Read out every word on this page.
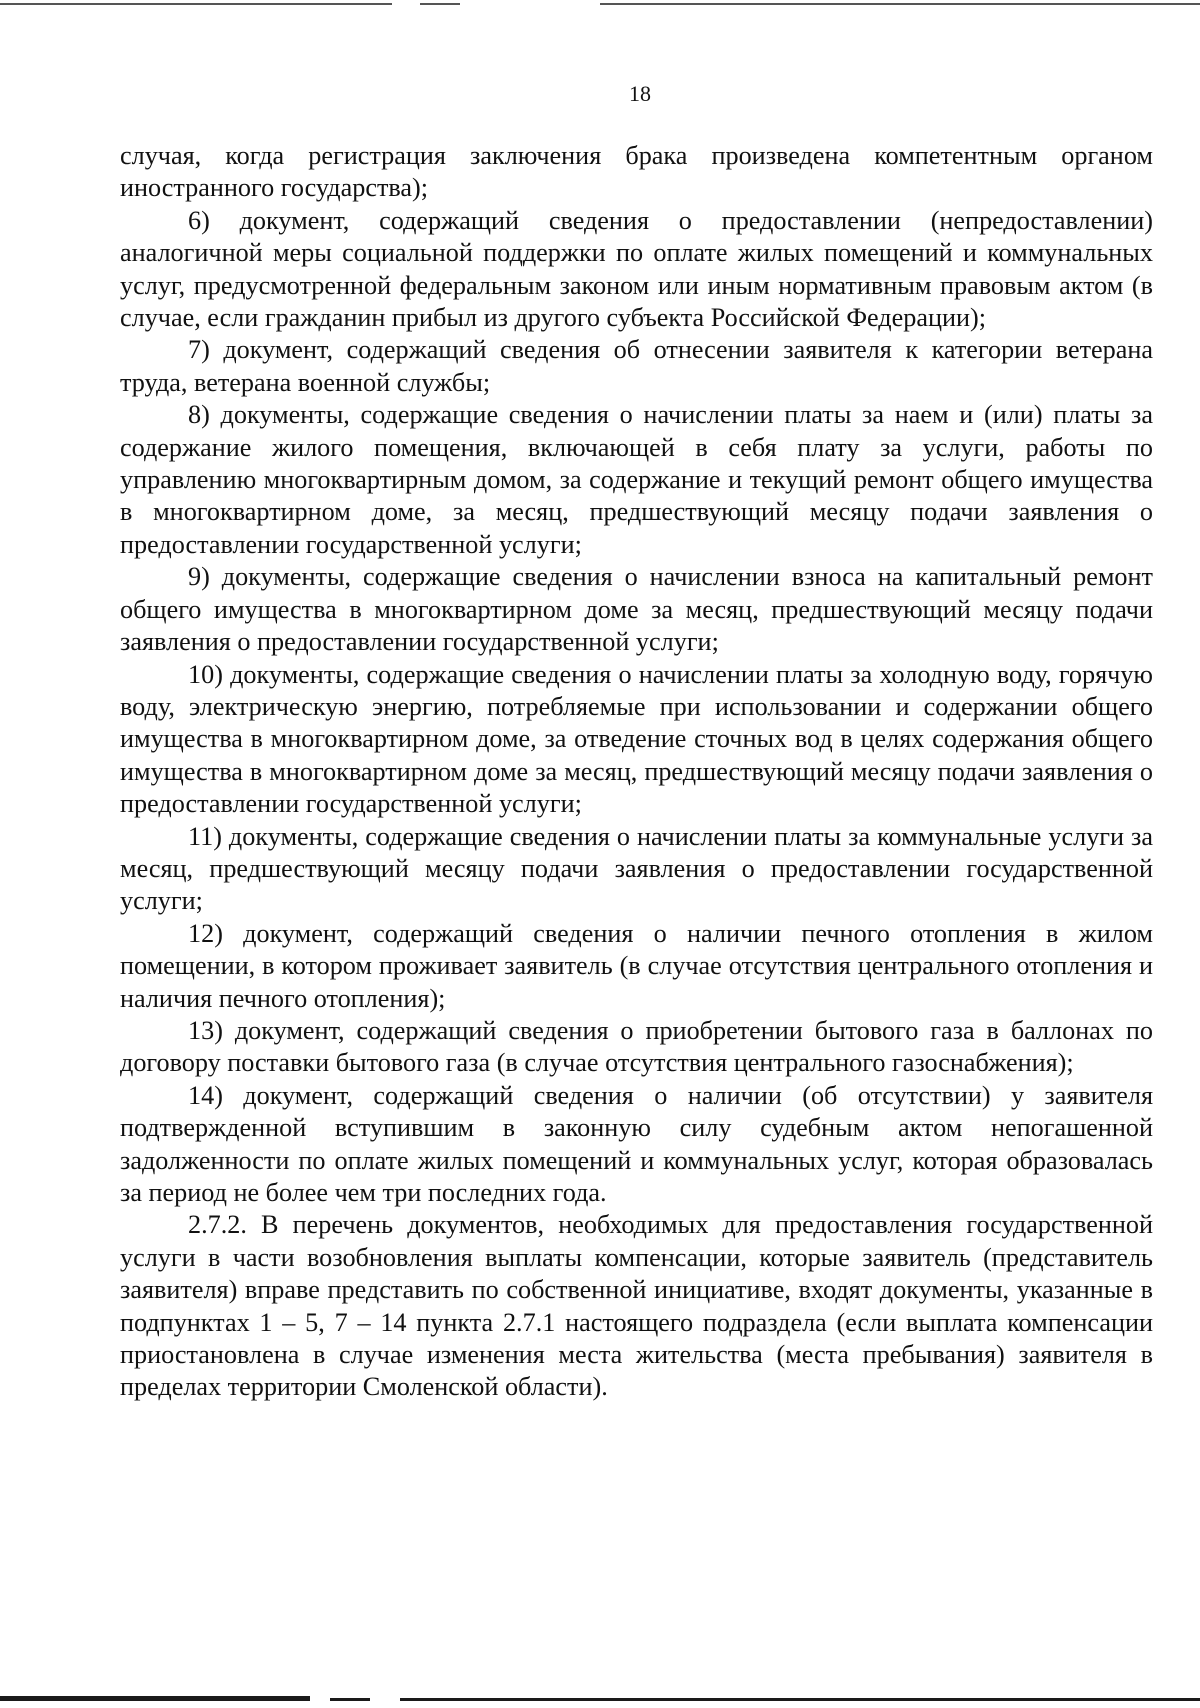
18

случая, когда регистрация заключения брака произведена компетентным органом иностранного государства);

6) документ, содержащий сведения о предоставлении (непредоставлении) аналогичной меры социальной поддержки по оплате жилых помещений и коммунальных услуг, предусмотренной федеральным законом или иным нормативным правовым актом (в случае, если гражданин прибыл из другого субъекта Российской Федерации);

7) документ, содержащий сведения об отнесении заявителя к категории ветерана труда, ветерана военной службы;

8) документы, содержащие сведения о начислении платы за наем и (или) платы за содержание жилого помещения, включающей в себя плату за услуги, работы по управлению многоквартирным домом, за содержание и текущий ремонт общего имущества в многоквартирном доме, за месяц, предшествующий месяцу подачи заявления о предоставлении государственной услуги;

9) документы, содержащие сведения о начислении взноса на капитальный ремонт общего имущества в многоквартирном доме за месяц, предшествующий месяцу подачи заявления о предоставлении государственной услуги;

10) документы, содержащие сведения о начислении платы за холодную воду, горячую воду, электрическую энергию, потребляемые при использовании и содержании общего имущества в многоквартирном доме, за отведение сточных вод в целях содержания общего имущества в многоквартирном доме за месяц, предшествующий месяцу подачи заявления о предоставлении государственной услуги;

11) документы, содержащие сведения о начислении платы за коммунальные услуги за месяц, предшествующий месяцу подачи заявления о предоставлении государственной услуги;

12) документ, содержащий сведения о наличии печного отопления в жилом помещении, в котором проживает заявитель (в случае отсутствия центрального отопления и наличия печного отопления);

13) документ, содержащий сведения о приобретении бытового газа в баллонах по договору поставки бытового газа (в случае отсутствия центрального газоснабжения);

14) документ, содержащий сведения о наличии (об отсутствии) у заявителя подтвержденной вступившим в законную силу судебным актом непогашенной задолженности по оплате жилых помещений и коммунальных услуг, которая образовалась за период не более чем три последних года.

2.7.2. В перечень документов, необходимых для предоставления государственной услуги в части возобновления выплаты компенсации, которые заявитель (представитель заявителя) вправе представить по собственной инициативе, входят документы, указанные в подпунктах 1 – 5, 7 – 14 пункта 2.7.1 настоящего подраздела (если выплата компенсации приостановлена в случае изменения места жительства (места пребывания) заявителя в пределах территории Смоленской области).
